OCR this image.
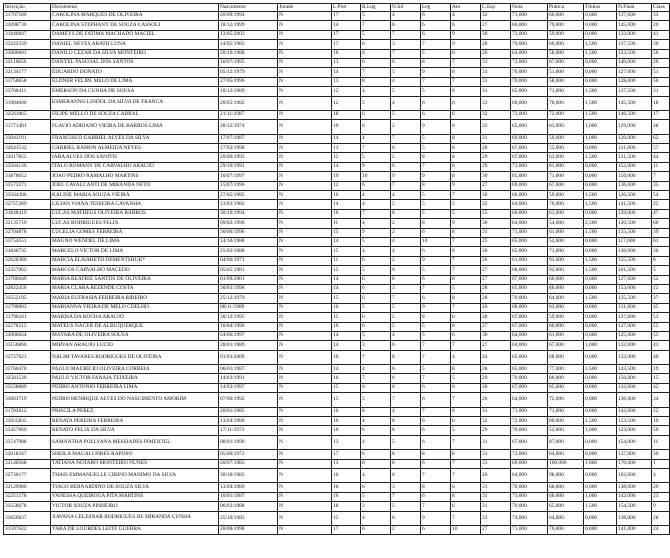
Inscrição	Documento	Nascimento	Jurado	L.Port	R.Log	N.Inf	Leg	Atu	C.Esp	Nota	Prática	Títulos	N.Final	Class
31797180	CAROLINA MARQUES DE OLIVEIRA	26/09/1994	N	17	5	4	6	4	32	71,000	66,000	0,000	137,000	33
33098736	CAROLINA STEPHANY DE SOUZA CASSOLI	18/12/1999	N	14	7	6	6	6	27	66,000	79,000	0,000	145,000	20
31840607	DAMEYS DE FATIMA MACHADO MACIEL	13/05/2003	N	17	5	7	6	9	30	73,000	59,000	0,000	132,000	41
33222339	DANIEL NEVES ABATH LUNA	14/05/1983	N	17	6	3	7	9	28	70,000	66,000	1,500	137,500	30
33606603	DANILO CEZAR DA SILVA MONTEIRO	20/10/1988	N	16	4	7	5	6	26	64,000	58,000	1,500	123,500	56
32116850	DANYEL PASCOAL DOS SANTOS	10/07/1995	N	13	6	6	8	7	33	73,000	67,000	0,000	140,000	26
32134177	EDUARDO DONATO	05/12/1979	N	14	7	5	9	8	33	76,000	51,000	0,000	127,000	51
31758658	ELDNER FELIPE MELO DE LIMA	27/05/1996	N	13	8	4	7	7	31	70,000	58,000	0,000	128,000	50
33760411	EMERSON DA CUNHA DE SOUSA	10/12/1989	N	12	4	5	5	8	31	65,000	71,000	1,500	137,500	31
31984600	ESMERANNO LINDOL DA SILVA DE FRANCA	20/05/1982	N	12	5	4	6	6	33	66,000	78,000	1,500	145,500	18
32561865	FILIPE MELLO DE SOUZA CABRAL	21/11/1987	N	18	6	5	6	6	32	73,000	72,000	1,500	146,500	17
31771401	FLAVIO ADRIANO VIEIRA DE BARROS LIMA	28/12/1974	N	10	6	2	9	6	32	65,000	63,000	1,000	129,000	48
33043191	FRANCISCO GABRIEL ALVES DA SILVA	17/07/1987	N	14	4	7	5	8	31	69,000	50,000	1,000	120,000	62
32641532	GABRIEL RAMON ALMEIDA NEVES	17/03/1998	N	13	7	6	5	8	28	67,000	55,000	0,000	121,000	57
32017855	IARA ALVES DOS SANTOS	20/06/1993	N	12	5	5	8	8	29	67,000	63,000	1,500	131,500	44
33564130	ITALO ROMANY DE CARVALHO ARAUJO	29/10/1991	N	14	9	6	7	6	29	71,000	81,000	0,000	152,000	11
31878652	JOAO PEDRO RAMALHO MARTINS	10/07/1997	N	19	10	9	9	8	30	85,000	71,000	0,000	156,000	7
33573271	JOEL CAVALCANTI DE MIRANDA NETO	15/07/1996	N	12	6	7	8	9	27	69,000	67,000	0,000	136,000	35
33564286	KALINE MARIA SOUZA VIEIRA	27/05/1985	N	16	4	4	5	7	30	66,000	59,000	1,500	126,500	54
32757289	LILIAN VIANA TEIXEIRA CAVANHA	13/03/1982	N	14	4	5	5	5	32	64,000	76,000	1,500	141,500	25
31848419	LUCAS MATHEUS OLIVEIRA BARROS	30/10/1994	N	16	7	8	5	5	25	66,000	63,000	0,000	129,000	47
32135719	LUCAS RODRIGUES FELIX	09/02/1996	N	11	4	2	8	9	30	64,000	54,000	2,500	120,500	60
32704878	LUCELIA GOMES FERREIRA	30/06/1996	N	15	9	2	6	8	31	71,000	61,000	1,500	133,500	39
33754551	MAGNO WENDEL DE LIMA	14/10/1988	N	14	5	4	10	7	25	65,000	52,000	0,000	117,000	61
31846735	MARCELO VICTOR DE LIMA	25/03/1988	N	15	4	4	6	8	28	65,000	71,000	0,000	136,000	36
32620380	MARCIA ELISABETH DEMENTSHUK*	04/06/1971	N	11	6	2	9	7	26	61,000	93,000	1,500	155,500	8
32357962	MARCOS CARVALHO MACEDO	05/05/1981	N	15	5	6	5	7	27	68,000	92,000	1,500	161,500	5
31786049	MARIA BEATRIZ SANTOS DE OLIVEIRA	01/09/2001	N	14	6	6	6	8	27	67,000	60,000	0,000	127,000	52
32822456	MARIA CLARA REZENDE COSTA	30/03/1998	N	14	6	3	7	5	28	65,000	88,000	0,000	153,000	12
33552195	MARIA EUFRASIA FERREIRA RIBEIRO	25/12/1979	N	15	6	7	6	8	28	70,000	64,000	1,500	135,500	37
31790003	MARIANNA VIEIRA DE MELO COELHO	08/11/1989	N	16	5	5	9	7	26	68,000	63,000	0,000	131,000	45
31790341	MARISA DA ROCHA ARAUJO	30/12/1995	N	15	6	5	8	6	28	67,000	59,000	0,000	127,000	53
32270515	MATEUS NACER DE ALBUQUERQUE	16/04/1996	N	16	6	5	5	8	27	67,000	60,000	0,000	127,000	55
33006624	MAYARA DE OLIVEIRA SOUSA	24/06/1997	N	14	5	4	5	6	30	64,000	61,000	0,000	125,000	55
33156866	MIRVAN ARAUJO LUCIO	28/01/1989	N	14	3	6	7	7	27	64,000	67,000	1,000	132,000	43
32727623	NALIM TAVARES RODRIGUES DE OLIVEIRA	01/03/2000	N	16	7	8	7	4	24	65,000	68,000	0,000	133,000	40
32760470	PAULO MAURICIO OLIVEIRA CORREIA	06/01/1987	N	14	4	6	5	8	28	65,000	77,000	1,500	143,500	19
32581530	PAULO VICTOR FANAIA TEIXEIRA	14/03/1991	N	16	7	6	7	5	29	70,000	86,000	0,000	156,000	15
33558809	PEDRO ANTONIO FERREIRA LIMA	14/03/1997	N	15	6	6	6	6	28	67,000	65,000	0,000	132,000	42
33683719	PEDRO HENRIQUE ALVES DO NASCIMENTO AMORIM	07/06/1992	N	15	3	7	6	7	26	64,000	72,000	0,000	136,000	34
31782612	PRISCILA PEREZ	26/01/1985	N	16	8	4	7	8	31	71,000	71,000	0,000	142,000	22
33655835	RENATA PEREIRA FERREIRA	13/04/1980	N	16	4	8	6	6	32	72,000	80,000	1,500	153,500	10
33457069	RENATO FELIX DA SILVA	17/11/1973	N	16	6	8	6	5	29	70,000	52,000	1,000	123,000	59
33747988	SAMANTHA POLLYANA MESSIADES PIMENTEL	08/01/1990	N	13	4	5	6	7	31	67,000	87,000	0,000	154,000	11
32018347	SHEILA MAGALI PIRES RAPOSO	05/06/1972	N	17	6	8	8	8	31	73,000	64,000	0,000	137,000	30
32140568	TATIANA NOTARO MONTEIRO NUNES	20/07/1983	N	13	8	6	6	7	31	69,000	100,000	1,000	170,000	1
32736177	THAIS EMMANUELLE CIRINO MANIMO DA SILVA	30/10/1983	N	16	4	6	7	7	26	64,000	98,000	0,000	162,000	4
32129980	TIAGO BERNARDINO DE SOUZA SILVA	13/04/1989	N	16	6	3	8	6	31	70,000	68,000	0,000	138,000	29
32251378	VANESSA QUEIROGA PITA MARTINS	10/01/1987	N	16	5	7	6	8	31	73,000	68,000	1,000	142,000	23
33558678	VICTOR SOUZA PINHEIRO	06/03/1988	N	18	3	5	7	6	31	70,000	65,000	1,500	154,500	9
33650837	XAVANA CELESNAR RODRIGUES DE MIRANDA CUNHA	25/10/1983	N	15	4	6	9	7	33	74,000	64,000	0,000	138,000	28
31597622	YARA DE LOURDES LEITE GUERRA	28/08/1998	N	17	6	2	6	10	27	71,000	70,000	0,000	141,000	24
